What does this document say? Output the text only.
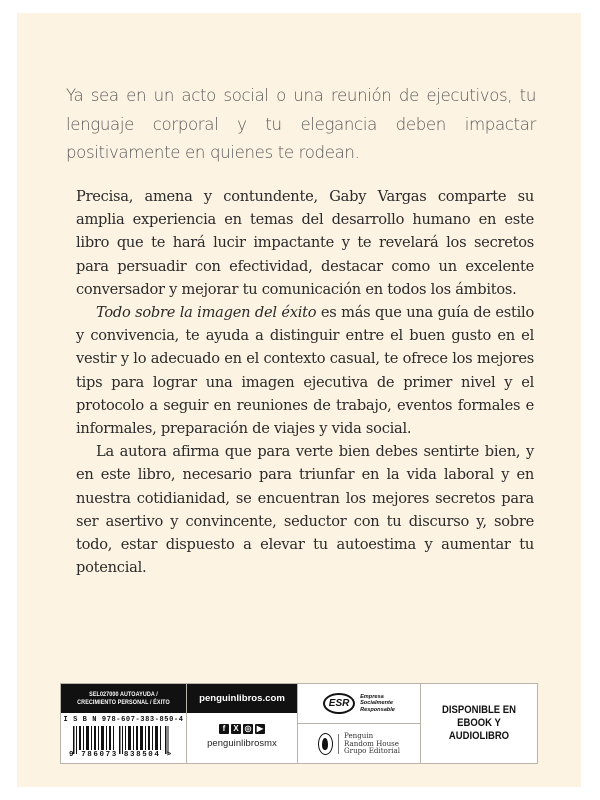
Ya sea en un acto social o una reunión de ejecutivos, tu lenguaje corporal y tu elegancia deben impactar positivamente en quienes te rodean.

Precisa, amena y contundente, Gaby Vargas comparte su amplia experiencia en temas del desarrollo humano en este libro que te hará lucir impactante y te revelará los secretos para persuadir con efectividad, destacar como un excelente conversador y mejorar tu comunicación en todos los ámbitos.

Todo sobre la imagen del éxito es más que una guía de estilo y convivencia, te ayuda a distinguir entre el buen gusto en el vestir y lo adecuado en el contexto casual, te ofrece los mejores tips para lograr una imagen ejecutiva de primer nivel y el protocolo a seguir en reuniones de trabajo, eventos formales e informales, preparación de viajes y vida social.

La autora afirma que para verte bien debes sentirte bien, y en este libro, necesario para triunfar en la vida laboral y en nuestra cotidianidad, se encuentran los mejores secretos para ser asertivo y convincente, seductor con tu discurso y, sobre todo, estar dispuesto a elevar tu autoestima y aumentar tu potencial.

SEL027000 AUTOAYUDA /
CRECIMIENTO PERSONAL / ÉXITO
I S B N 978-607-383-850-4
9 786073 838504 >
penguinlibros.com
f	X ◎ ▶
penguinlibrosmx
ESR
Empresa
Socialmente
Responsable
Penguin
Random House
Grupo Editorial
DISPONIBLE EN
EBOOK Y AUDIOLIBRO
